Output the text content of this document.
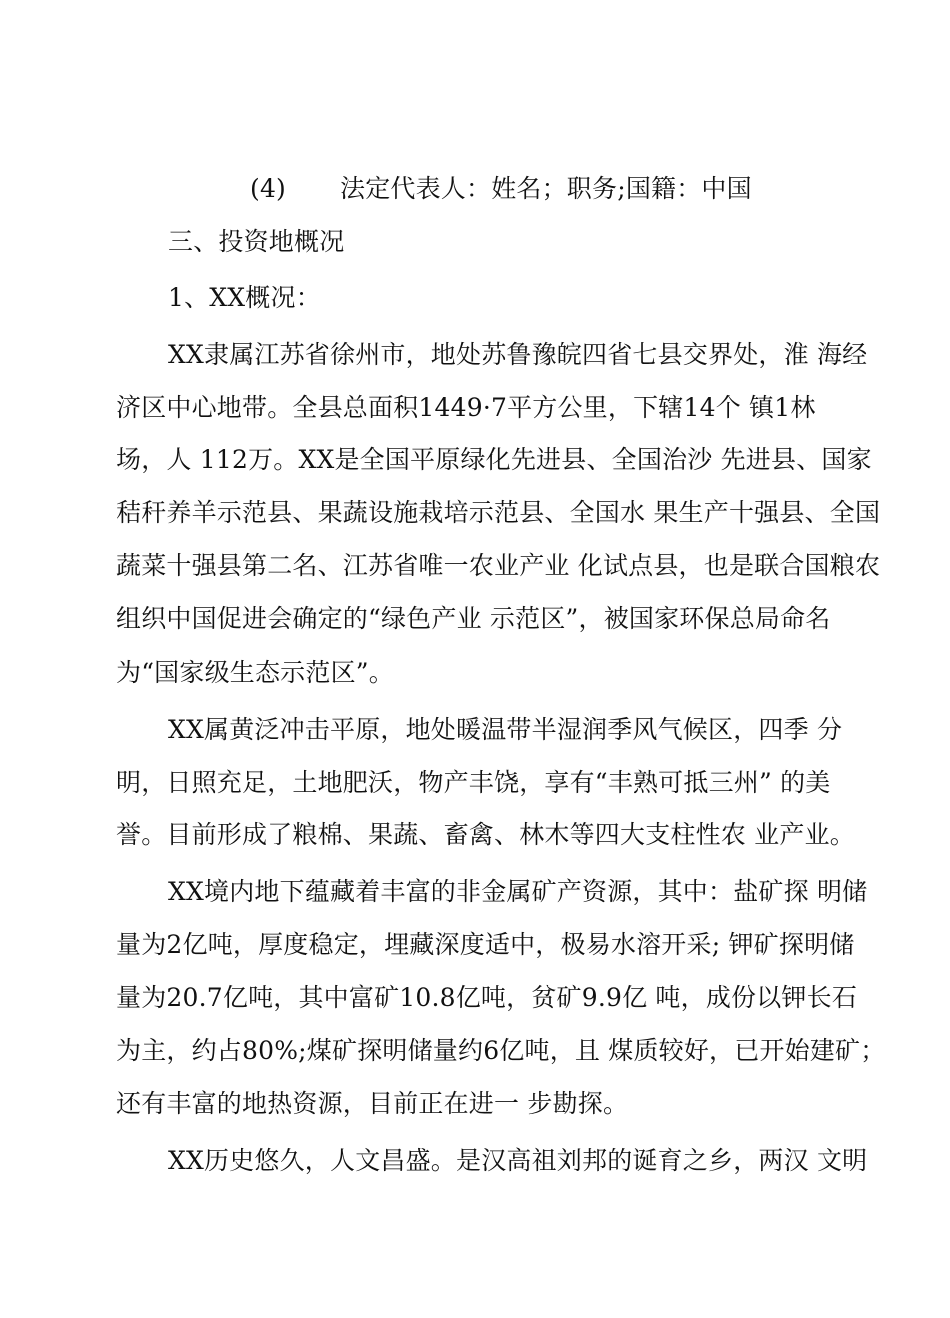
(4)	法定代表人：姓名；职务;国籍：中国
三、投资地概况
1、XX概况：
XX隶属江苏省徐州市，地处苏鲁豫皖四省七县交界处，淮 海经
济区中心地带。全县总面积1449·7平方公里，下辖14个 镇1林
场，人 112万。XX是全国平原绿化先进县、全国治沙 先进县、国家
秸秆养羊示范县、果蔬设施栽培示范县、全国水 果生产十强县、全国
蔬菜十强县第二名、江苏省唯一农业产业 化试点县，也是联合国粮农
组织中国促进会确定的“绿色产业 示范区”，被国家环保总局命名
为“国家级生态示范区”。
XX属黄泛冲击平原，地处暖温带半湿润季风气候区，四季 分
明，日照充足，土地肥沃，物产丰饶，享有“丰熟可抵三州” 的美
誉。目前形成了粮棉、果蔬、畜禽、林木等四大支柱性农 业产业。
XX境内地下蕴藏着丰富的非金属矿产资源，其中：盐矿探 明储
量为2亿吨，厚度稳定，埋藏深度适中，极易水溶开采; 钾矿探明储
量为20.7亿吨，其中富矿10.8亿吨，贫矿9.9亿 吨，成份以钾长石
为主，约占80%;煤矿探明储量约6亿吨，且 煤质较好，已开始建矿；
还有丰富的地热资源，目前正在进一 步勘探。
XX历史悠久，人文昌盛。是汉高祖刘邦的诞育之乡，两汉 文明
